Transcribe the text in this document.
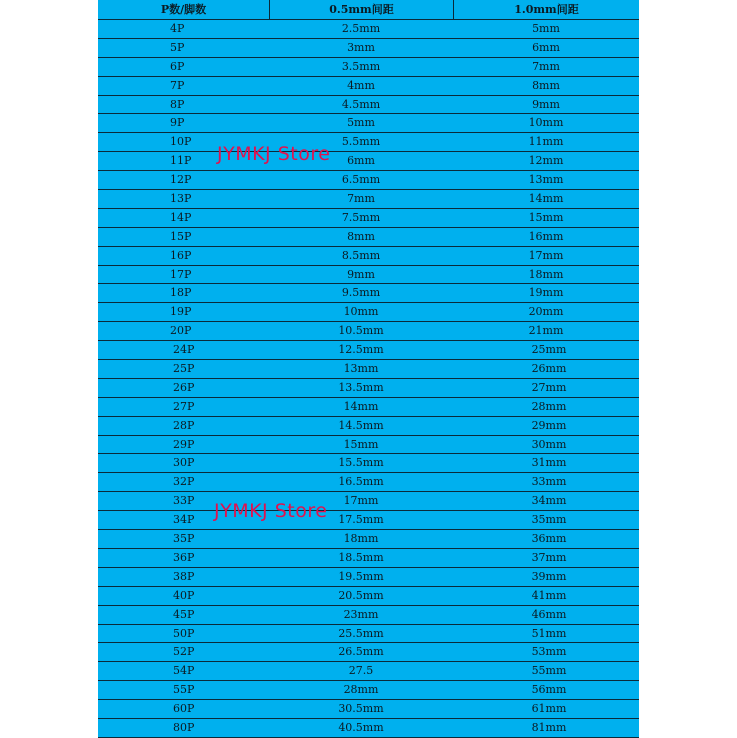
P数/脚数	0.5mm间距	1.0mm间距
4P	2.5mm	5mm
5P	3mm	6mm
6P	3.5mm	7mm
7P	4mm	8mm
8P	4.5mm	9mm
9P	5mm	10mm
10P	5.5mm	11mm
11P	6mm	12mm
12P	6.5mm	13mm
13P	7mm	14mm
14P	7.5mm	15mm
15P	8mm	16mm
16P	8.5mm	17mm
17P	9mm	18mm
18P	9.5mm	19mm
19P	10mm	20mm
20P	10.5mm	21mm
24P	12.5mm	25mm
25P	13mm	26mm
26P	13.5mm	27mm
27P	14mm	28mm
28P	14.5mm	29mm
29P	15mm	30mm
30P	15.5mm	31mm
32P	16.5mm	33mm
33P	17mm	34mm
34P	17.5mm	35mm
35P	18mm	36mm
36P	18.5mm	37mm
38P	19.5mm	39mm
40P	20.5mm	41mm
45P	23mm	46mm
50P	25.5mm	51mm
52P	26.5mm	53mm
54P	27.5	55mm
55P	28mm	56mm
60P	30.5mm	61mm
80P	40.5mm	81mm
JYMKJ Store
JYMKJ Store
